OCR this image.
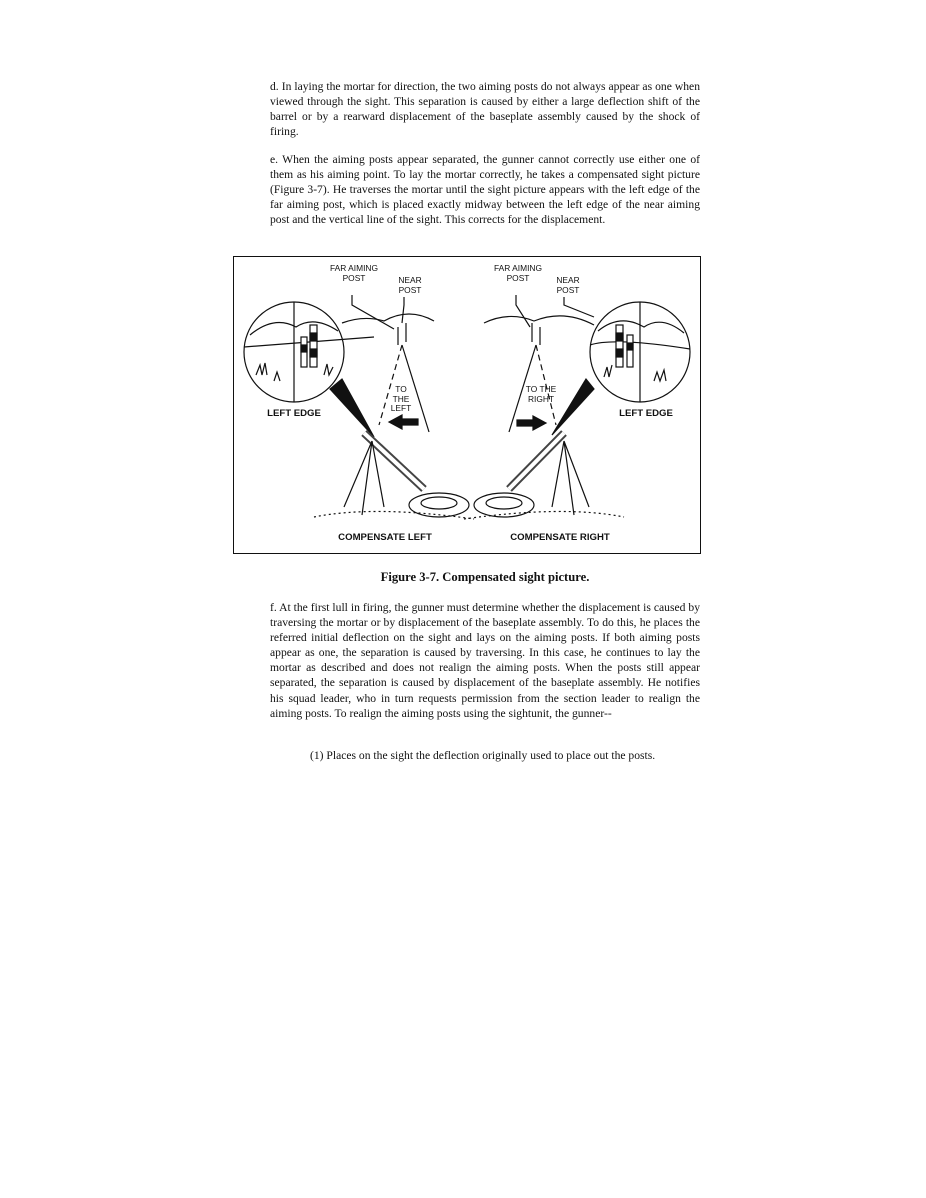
d. In laying the mortar for direction, the two aiming posts do not always appear as one when viewed through the sight. This separation is caused by either a large deflection shift of the barrel or by a rearward displacement of the baseplate assembly caused by the shock of firing.

e. When the aiming posts appear separated, the gunner cannot correctly use either one of them as his aiming point. To lay the mortar correctly, he takes a compensated sight picture (Figure 3-7). He traverses the mortar until the sight picture appears with the left edge of the far aiming post, which is placed exactly midway between the left edge of the near aiming post and the vertical line of the sight. This corrects for the displacement.

FAR AIMING POST	NEAR POST
TO THE LEFT
LEFT EDGE
COMPENSATE LEFT
FAR AIMING POST	NEAR POST
TO THE RIGHT
LEFT EDGE
COMPENSATE RIGHT
Figure 3-7. Compensated sight picture.

f. At the first lull in firing, the gunner must determine whether the displacement is caused by traversing the mortar or by displacement of the baseplate assembly. To do this, he places the referred initial deflection on the sight and lays on the aiming posts. If both aiming posts appear as one, the separation is caused by traversing. In this case, he continues to lay the mortar as described and does not realign the aiming posts. When the posts still appear separated, the separation is caused by displacement of the baseplate assembly. He notifies his squad leader, who in turn requests permission from the section leader to realign the aiming posts. To realign the aiming posts using the sightunit, the gunner--

(1) Places on the sight the deflection originally used to place out the posts.
